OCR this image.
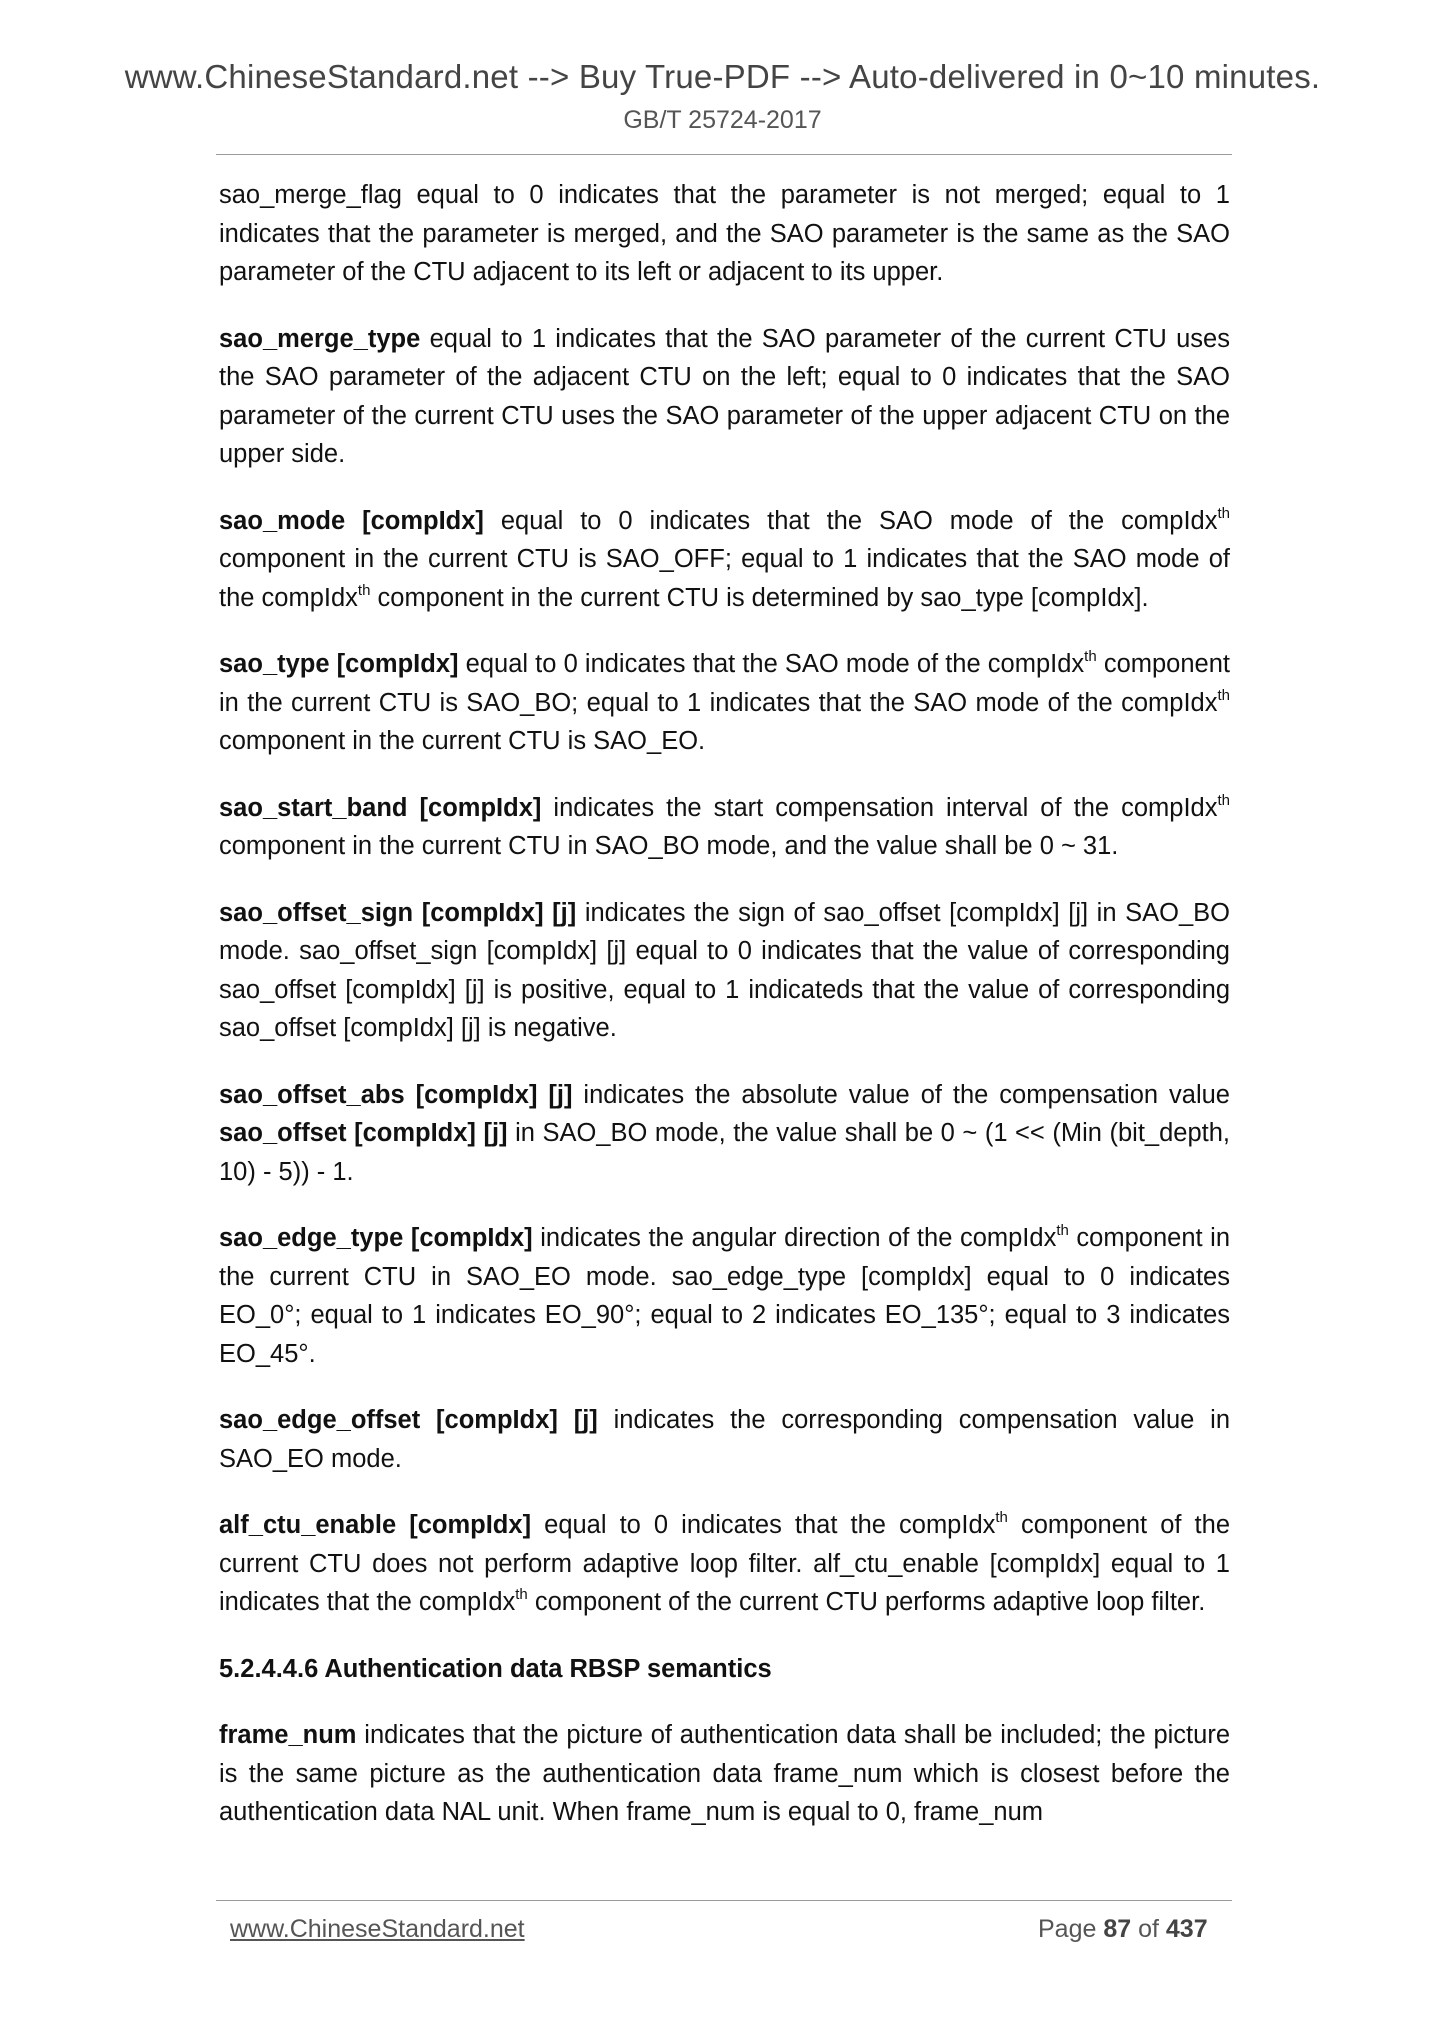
www.ChineseStandard.net --> Buy True-PDF --> Auto-delivered in 0~10 minutes.
GB/T 25724-2017

sao_merge_flag equal to 0 indicates that the parameter is not merged; equal to 1 indicates that the parameter is merged, and the SAO parameter is the same as the SAO parameter of the CTU adjacent to its left or adjacent to its upper.

sao_merge_type equal to 1 indicates that the SAO parameter of the current CTU uses the SAO parameter of the adjacent CTU on the left; equal to 0 indicates that the SAO parameter of the current CTU uses the SAO parameter of the upper adjacent CTU on the upper side.

sao_mode [compIdx] equal to 0 indicates that the SAO mode of the compIdx$^{th}$ component in the current CTU is SAO_OFF; equal to 1 indicates that the SAO mode of the compIdx$^{th}$ component in the current CTU is determined by sao_type [compIdx].

sao_type [compIdx] equal to 0 indicates that the SAO mode of the compIdx$^{th}$ component in the current CTU is SAO_BO; equal to 1 indicates that the SAO mode of the compIdx$^{th}$ component in the current CTU is SAO_EO.

sao_start_band [compIdx] indicates the start compensation interval of the compIdx$^{th}$ component in the current CTU in SAO_BO mode, and the value shall be 0 ~ 31.

sao_offset_sign [compIdx] [j] indicates the sign of sao_offset [compIdx] [j] in SAO_BO mode. sao_offset_sign [compIdx] [j] equal to 0 indicates that the value of corresponding sao_offset [compIdx] [j] is positive, equal to 1 indicateds that the value of corresponding sao_offset [compIdx] [j] is negative.

sao_offset_abs [compIdx] [j] indicates the absolute value of the compensation value sao_offset [compIdx] [j] in SAO_BO mode, the value shall be 0 ~ (1 << (Min (bit_depth, 10) - 5)) - 1.

sao_edge_type [compIdx] indicates the angular direction of the compIdx$^{th}$ component in the current CTU in SAO_EO mode. sao_edge_type [compIdx] equal to 0 indicates EO_0°; equal to 1 indicates EO_90°; equal to 2 indicates EO_135°; equal to 3 indicates EO_45°.

sao_edge_offset [compIdx] [j] indicates the corresponding compensation value in SAO_EO mode.

alf_ctu_enable [compIdx] equal to 0 indicates that the compIdx$^{th}$ component of the current CTU does not perform adaptive loop filter. alf_ctu_enable [compIdx] equal to 1 indicates that the compIdx$^{th}$ component of the current CTU performs adaptive loop filter.

5.2.4.4.6 Authentication data RBSP semantics

frame_num indicates that the picture of authentication data shall be included; the picture is the same picture as the authentication data frame_num which is closest before the authentication data NAL unit. When frame_num is equal to 0, frame_num

www.ChineseStandard.net	Page 87 of 437
